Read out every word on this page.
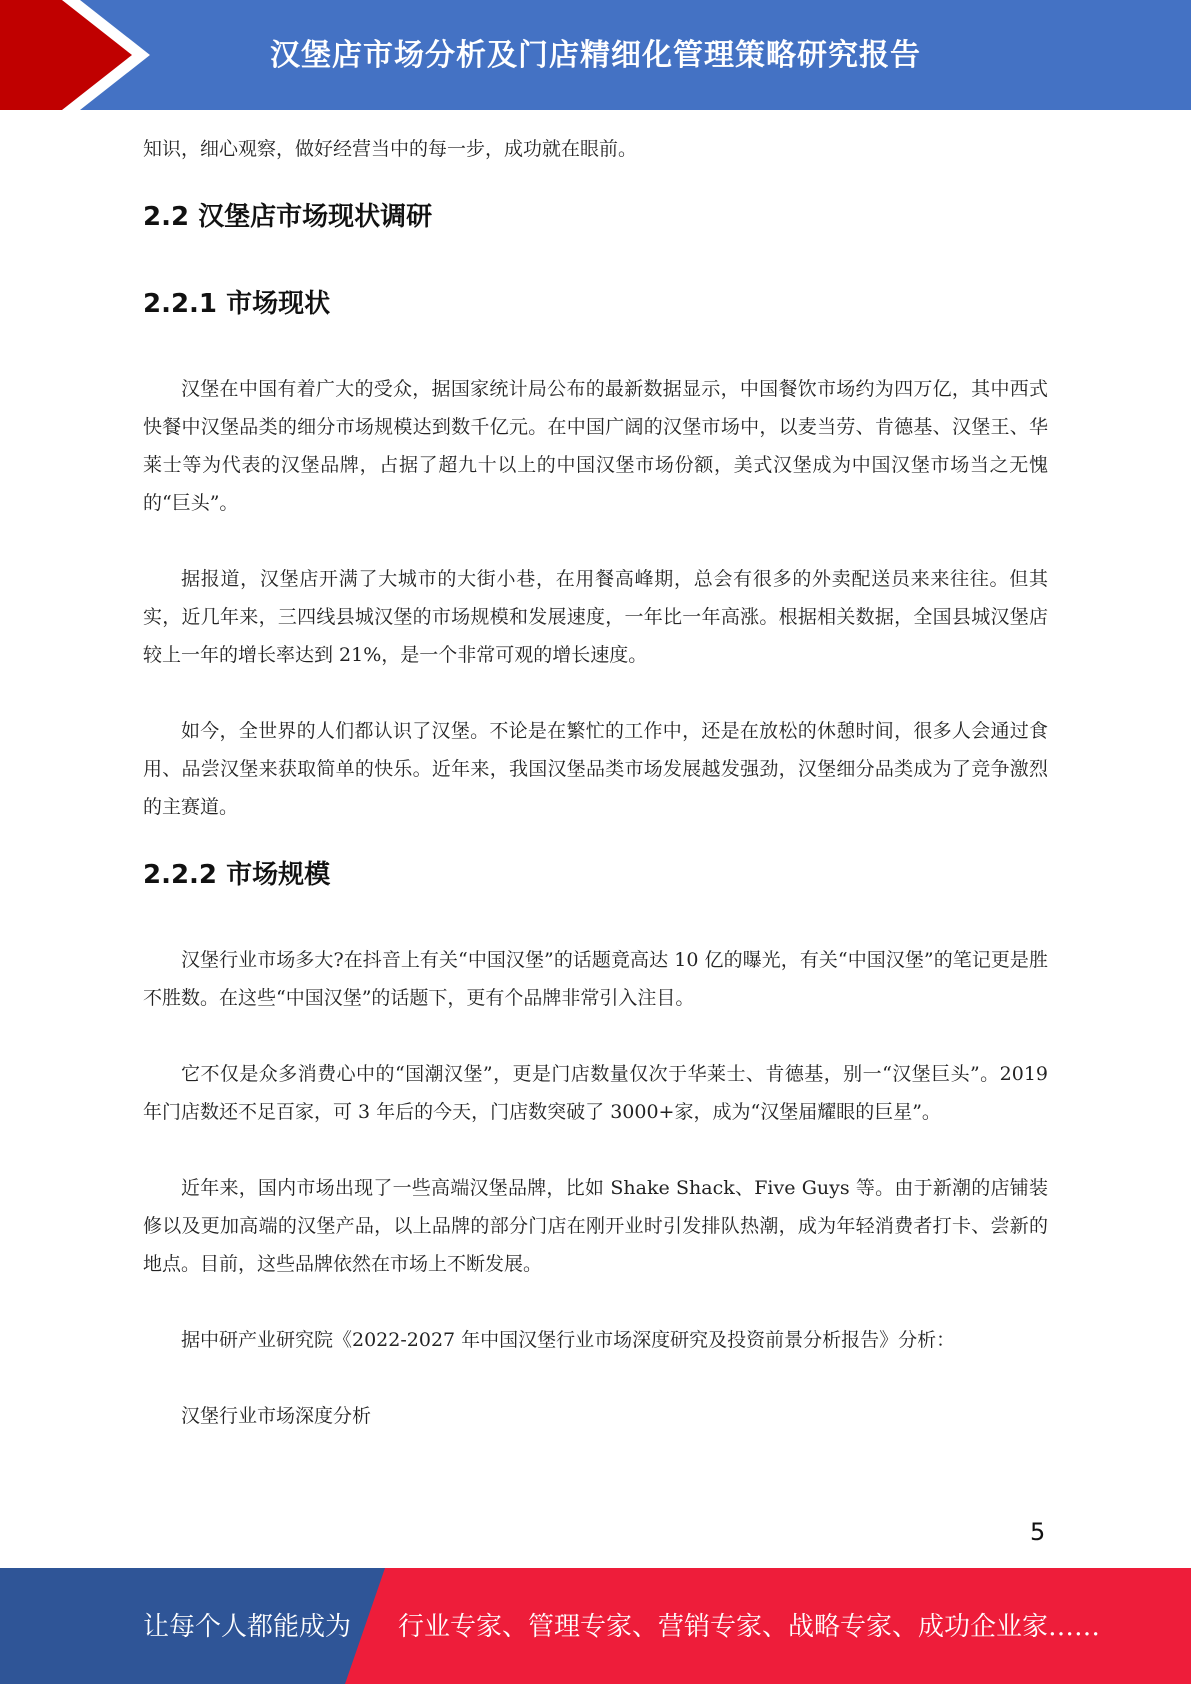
汉堡店市场分析及门店精细化管理策略研究报告

知识，细心观察，做好经营当中的每一步，成功就在眼前。

2.2 汉堡店市场现状调研
2.2.1 市场现状

汉堡在中国有着广大的受众，据国家统计局公布的最新数据显示，中国餐饮市场约为四万亿，其中西式快餐中汉堡品类的细分市场规模达到数千亿元。在中国广阔的汉堡市场中，以麦当劳、肯德基、汉堡王、华莱士等为代表的汉堡品牌，占据了超九十以上的中国汉堡市场份额，美式汉堡成为中国汉堡市场当之无愧的“巨头”。

据报道，汉堡店开满了大城市的大街小巷，在用餐高峰期，总会有很多的外卖配送员来来往往。但其实，近几年来，三四线县城汉堡的市场规模和发展速度，一年比一年高涨。根据相关数据，全国县城汉堡店较上一年的增长率达到 21%，是一个非常可观的增长速度。

如今，全世界的人们都认识了汉堡。不论是在繁忙的工作中，还是在放松的休憩时间，很多人会通过食用、品尝汉堡来获取简单的快乐。近年来，我国汉堡品类市场发展越发强劲，汉堡细分品类成为了竞争激烈的主赛道。

2.2.2 市场规模

汉堡行业市场多大?在抖音上有关“中国汉堡”的话题竟高达 10 亿的曝光，有关“中国汉堡”的笔记更是胜不胜数。在这些“中国汉堡”的话题下，更有个品牌非常引入注目。

它不仅是众多消费心中的“国潮汉堡”，更是门店数量仅次于华莱士、肯德基，别一“汉堡巨头”。2019 年门店数还不足百家，可 3 年后的今天，门店数突破了 3000+家，成为“汉堡届耀眼的巨星”。

近年来，国内市场出现了一些高端汉堡品牌，比如 Shake Shack、Five Guys 等。由于新潮的店铺装修以及更加高端的汉堡产品，以上品牌的部分门店在刚开业时引发排队热潮，成为年轻消费者打卡、尝新的地点。目前，这些品牌依然在市场上不断发展。

据中研产业研究院《2022-2027 年中国汉堡行业市场深度研究及投资前景分析报告》分析：

汉堡行业市场深度分析

5
让每个人都能成为 行业专家、管理专家、营销专家、战略专家、成功企业家……
